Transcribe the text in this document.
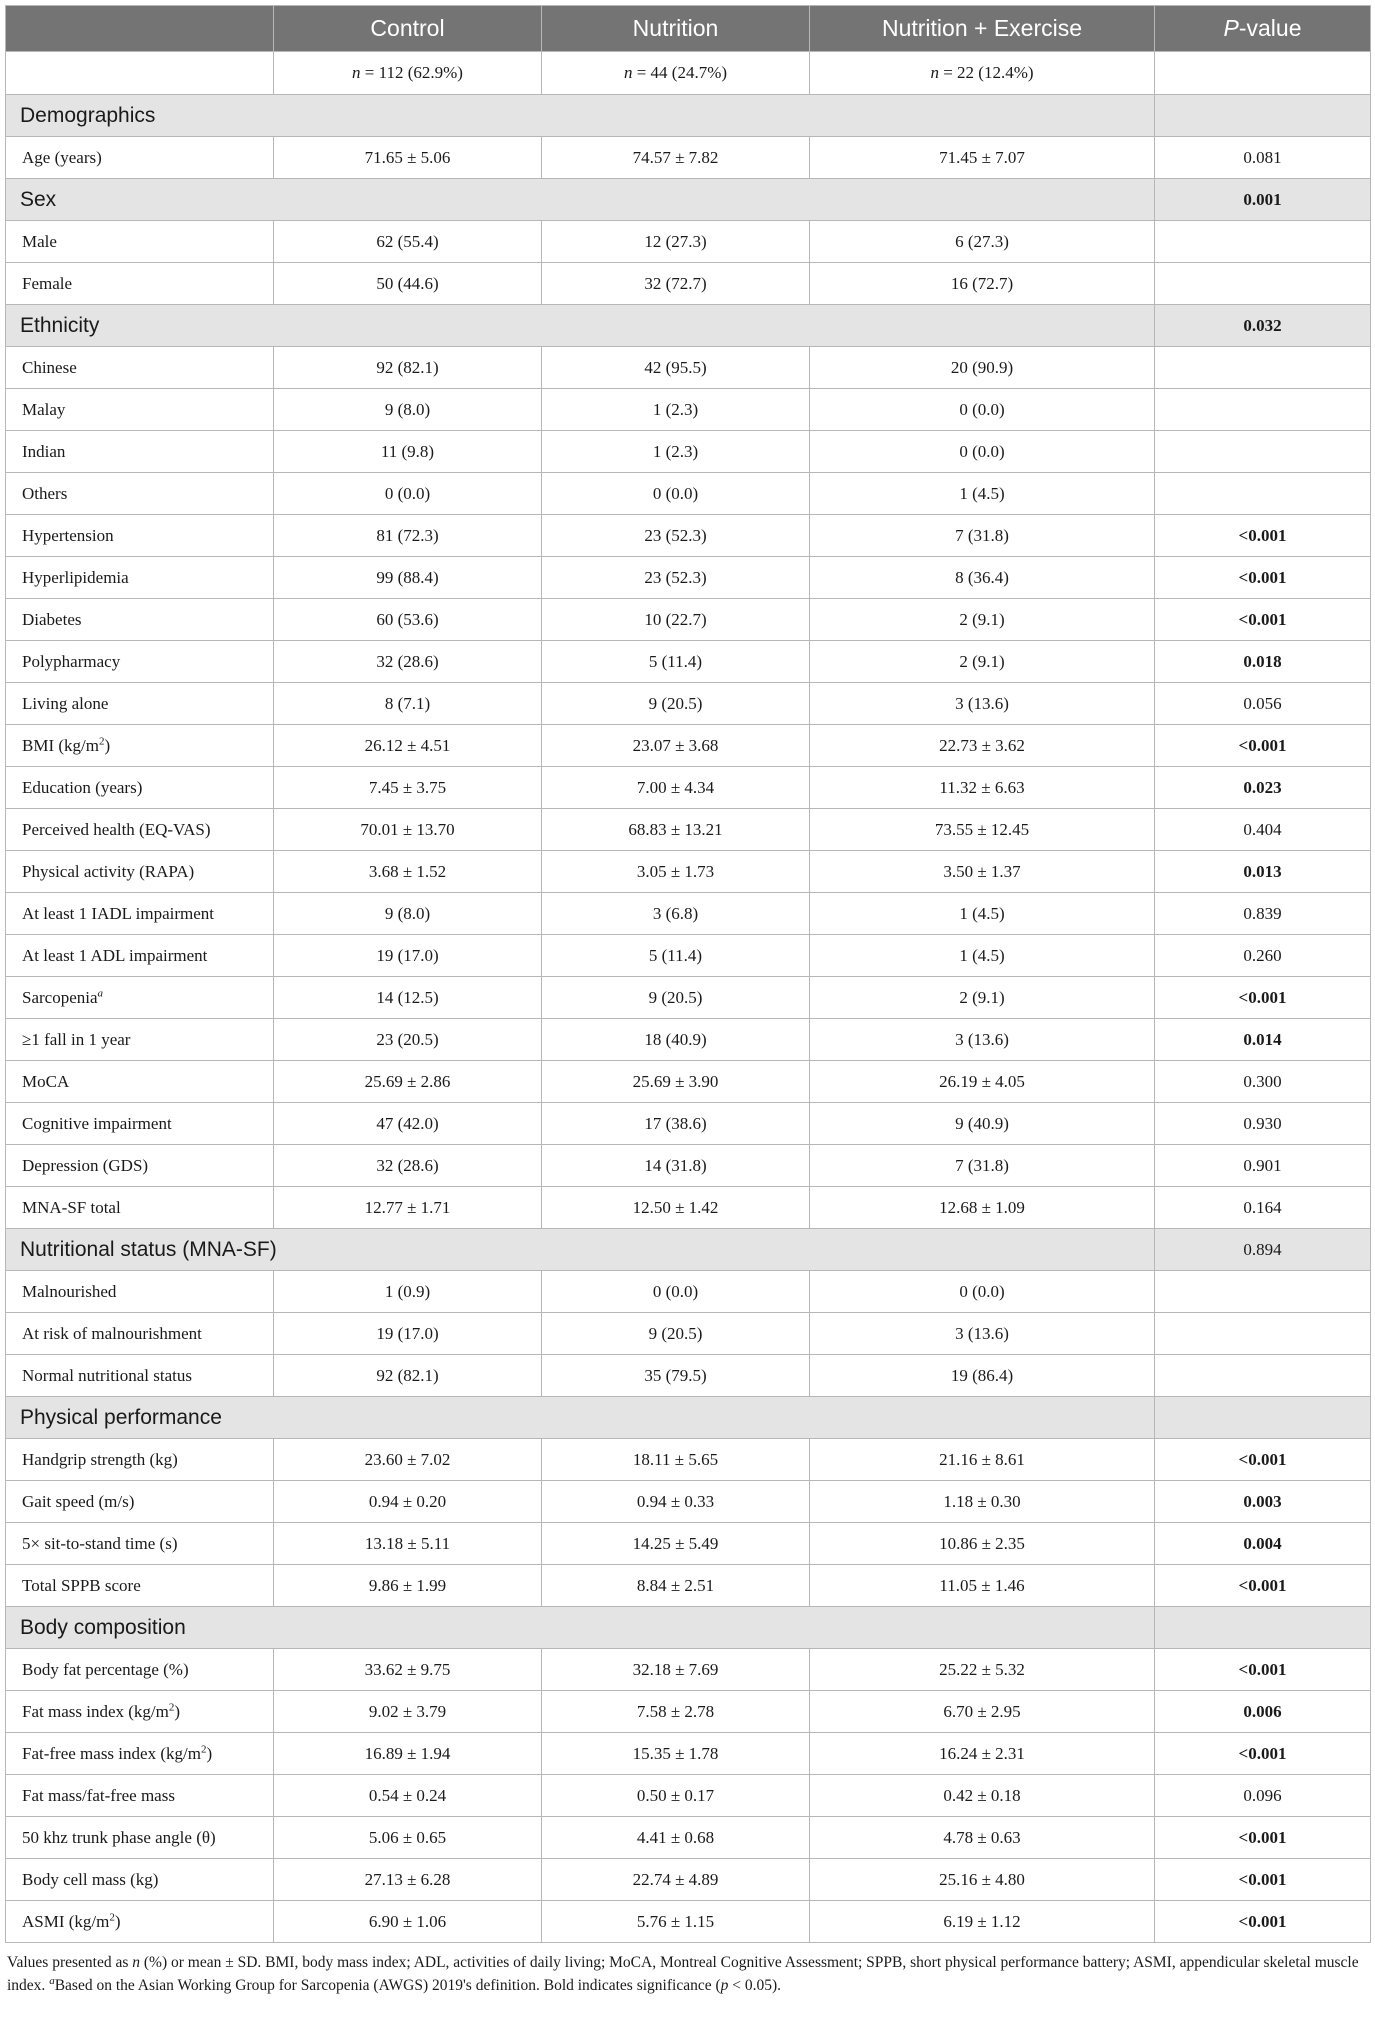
	Control	Nutrition	Nutrition + Exercise	P-value
	n = 112 (62.9%)	n = 44 (24.7%)	n = 22 (12.4%)	
Demographics				
Age (years)	71.65 ± 5.06	74.57 ± 7.82	71.45 ± 7.07	0.081
Sex				0.001
Male	62 (55.4)	12 (27.3)	6 (27.3)	
Female	50 (44.6)	32 (72.7)	16 (72.7)	
Ethnicity				0.032
Chinese	92 (82.1)	42 (95.5)	20 (90.9)	
Malay	9 (8.0)	1 (2.3)	0 (0.0)	
Indian	11 (9.8)	1 (2.3)	0 (0.0)	
Others	0 (0.0)	0 (0.0)	1 (4.5)	
Hypertension	81 (72.3)	23 (52.3)	7 (31.8)	<0.001
Hyperlipidemia	99 (88.4)	23 (52.3)	8 (36.4)	<0.001
Diabetes	60 (53.6)	10 (22.7)	2 (9.1)	<0.001
Polypharmacy	32 (28.6)	5 (11.4)	2 (9.1)	0.018
Living alone	8 (7.1)	9 (20.5)	3 (13.6)	0.056
BMI $(kg/m^2)$	26.12 ± 4.51	23.07 ± 3.68	22.73 ± 3.62	<0.001
Education (years)	7.45 ± 3.75	7.00 ± 4.34	11.32 ± 6.63	0.023
Perceived health (EQ-VAS)	70.01 ± 13.70	68.83 ± 13.21	73.55 ± 12.45	0.404
Physical activity (RAPA)	3.68 ± 1.52	3.05 ± 1.73	3.50 ± 1.37	0.013
At least 1 IADL impairment	9 (8.0)	3 (6.8)	1 (4.5)	0.839
At least 1 ADL impairment	19 (17.0)	5 (11.4)	1 (4.5)	0.260
Sarcopenia$^a$	14 (12.5)	9 (20.5)	2 (9.1)	<0.001
≥1 fall in 1 year	23 (20.5)	18 (40.9)	3 (13.6)	0.014
MoCA	25.69 ± 2.86	25.69 ± 3.90	26.19 ± 4.05	0.300
Cognitive impairment	47 (42.0)	17 (38.6)	9 (40.9)	0.930
Depression (GDS)	32 (28.6)	14 (31.8)	7 (31.8)	0.901
MNA-SF total	12.77 ± 1.71	12.50 ± 1.42	12.68 ± 1.09	0.164
Nutritional status (MNA-SF)				0.894
Malnourished	1 (0.9)	0 (0.0)	0 (0.0)	
At risk of malnourishment	19 (17.0)	9 (20.5)	3 (13.6)	
Normal nutritional status	92 (82.1)	35 (79.5)	19 (86.4)	
Physical performance				
Handgrip strength (kg)	23.60 ± 7.02	18.11 ± 5.65	21.16 ± 8.61	<0.001
Gait speed (m/s)	0.94 ± 0.20	0.94 ± 0.33	1.18 ± 0.30	0.003
5× sit-to-stand time (s)	13.18 ± 5.11	14.25 ± 5.49	10.86 ± 2.35	0.004
Total SPPB score	9.86 ± 1.99	8.84 ± 2.51	11.05 ± 1.46	<0.001
Body composition				
Body fat percentage (%)	33.62 ± 9.75	32.18 ± 7.69	25.22 ± 5.32	<0.001
Fat mass index $(kg/m^2)$	9.02 ± 3.79	7.58 ± 2.78	6.70 ± 2.95	0.006
Fat-free mass index $(kg/m^2)$	16.89 ± 1.94	15.35 ± 1.78	16.24 ± 2.31	<0.001
Fat mass/fat-free mass	0.54 ± 0.24	0.50 ± 0.17	0.42 ± 0.18	0.096
50 khz trunk phase angle (θ)	5.06 ± 0.65	4.41 ± 0.68	4.78 ± 0.63	<0.001
Body cell mass (kg)	27.13 ± 6.28	22.74 ± 4.89	25.16 ± 4.80	<0.001
ASMI $(kg/m^2)$	6.90 ± 1.06	5.76 ± 1.15	6.19 ± 1.12	<0.001
Values presented as n (%) or mean ± SD. BMI, body mass index; ADL, activities of daily living; MoCA, Montreal Cognitive Assessment; SPPB, short physical performance battery; ASMI, appendicular skeletal muscle index. $^a$Based on the Asian Working Group for Sarcopenia (AWGS) 2019's definition. Bold indicates significance (p < 0.05).
